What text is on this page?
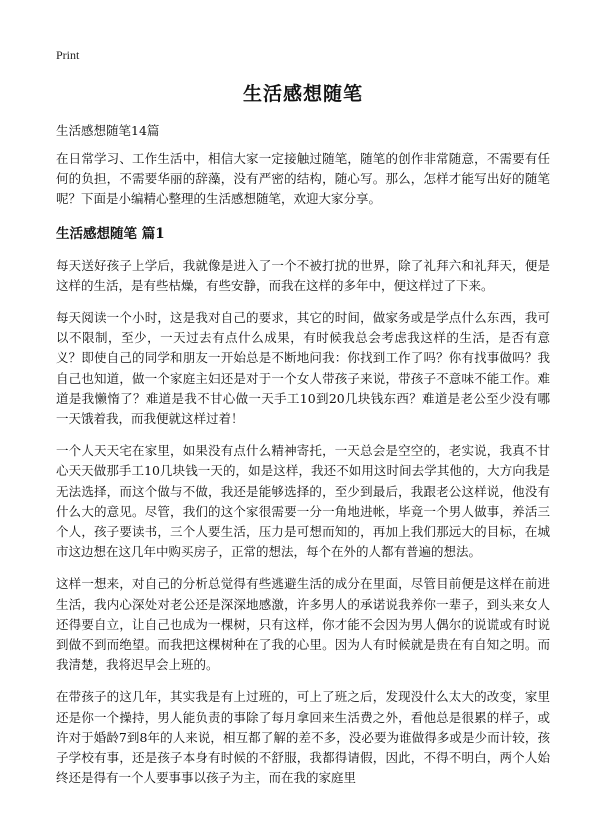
Print
生活感想随笔
生活感想随笔14篇

在日常学习、工作生活中，相信大家一定接触过随笔，随笔的创作非常随意，不需要有任何的负担，不需要华丽的辞藻，没有严密的结构，随心写。那么，怎样才能写出好的随笔呢？下面是小编精心整理的生活感想随笔，欢迎大家分享。

生活感想随笔 篇1

每天送好孩子上学后，我就像是进入了一个不被打扰的世界，除了礼拜六和礼拜天，便是这样的生活，是有些枯燥，有些安静，而我在这样的多年中，便这样过了下来。

每天阅读一个小时，这是我对自己的要求，其它的时间，做家务或是学点什么东西，我可以不限制，至少，一天过去有点什么成果，有时候我总会考虑我这样的生活，是否有意义？即使自己的同学和朋友一开始总是不断地问我：你找到工作了吗？你有找事做吗？我自己也知道，做一个家庭主妇还是对于一个女人带孩子来说，带孩子不意味不能工作。难道是我懒惰了？难道是我不甘心做一天手工10到20几块钱东西？难道是老公至少没有哪一天饿着我，而我便就这样过着！

一个人天天宅在家里，如果没有点什么精神寄托，一天总会是空空的，老实说，我真不甘心天天做那手工10几块钱一天的，如是这样，我还不如用这时间去学其他的，大方向我是无法选择，而这个做与不做，我还是能够选择的，至少到最后，我跟老公这样说，他没有什么大的意见。尽管，我们的这个家很需要一分一角地进帐，毕竟一个男人做事，养活三个人，孩子要读书，三个人要生活，压力是可想而知的，再加上我们那远大的目标，在城市这边想在这几年中购买房子，正常的想法，每个在外的人都有普遍的想法。

这样一想来，对自己的分析总觉得有些逃避生活的成分在里面，尽管目前便是这样在前进生活，我内心深处对老公还是深深地感激，许多男人的承诺说我养你一辈子，到头来女人还得要自立，让自己也成为一棵树，只有这样，你才能不会因为男人偶尔的说谎或有时说到做不到而绝望。而我把这棵树种在了我的心里。因为人有时候就是贵在有自知之明。而我清楚，我将迟早会上班的。

在带孩子的这几年，其实我是有上过班的，可上了班之后，发现没什么太大的改变，家里还是你一个操持，男人能负责的事除了每月拿回来生活费之外，看他总是很累的样子，或许对于婚龄7到8年的人来说，相互都了解的差不多，没必要为谁做得多或是少而计较，孩子学校有事，还是孩子本身有时候的不舒服，我都得请假，因此，不得不明白，两个人始终还是得有一个人要事事以孩子为主，而在我的家庭里
